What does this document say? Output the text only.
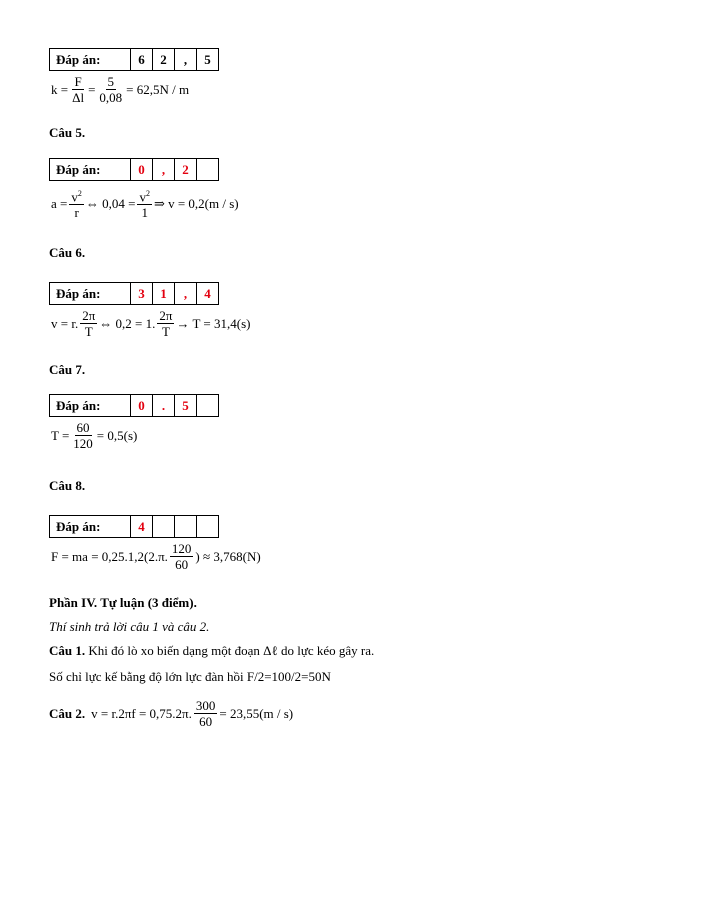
Đáp án:	6	2	,	5
$k = \frac{F}{\Delta l} = \frac{5}{0,08} = 62,5N / m$
Câu 5.
Đáp án:	0	,	2	
$a = \frac{v^2}{r}$ ⇔ $0,04 = \frac{v^2}{1}$ ⇒ v = 0,2(m / s)
Câu 6.
Đáp án:	3	1	,	4
v = r. $\frac{2\pi}{T}$ ⇔ 0,2 = 1. $\frac{2\pi}{T} \to T = 31,4(s)$
Câu 7.
Đáp án:	0	.	5	
$T = \frac{60}{120} = 0,5(s)$
Câu 8.
Đáp án:	4			
F = ma = 0,25.1,2(2.π. $\frac{120}{60}$ ) ≈ 3,768(N)
Phần IV. Tự luận (3 điểm).
Thí sinh trả lời câu 1 và câu 2.
Câu 1. Khi đó lò xo biến dạng một đoạn Δℓ do lực kéo gây ra.
Số chỉ lực kế bằng độ lớn lực đàn hồi F/2=100/2=50N
Câu 2. v = r.2πf = 0,75.2π. $\frac{300}{60} = 23,55(m / s)$
